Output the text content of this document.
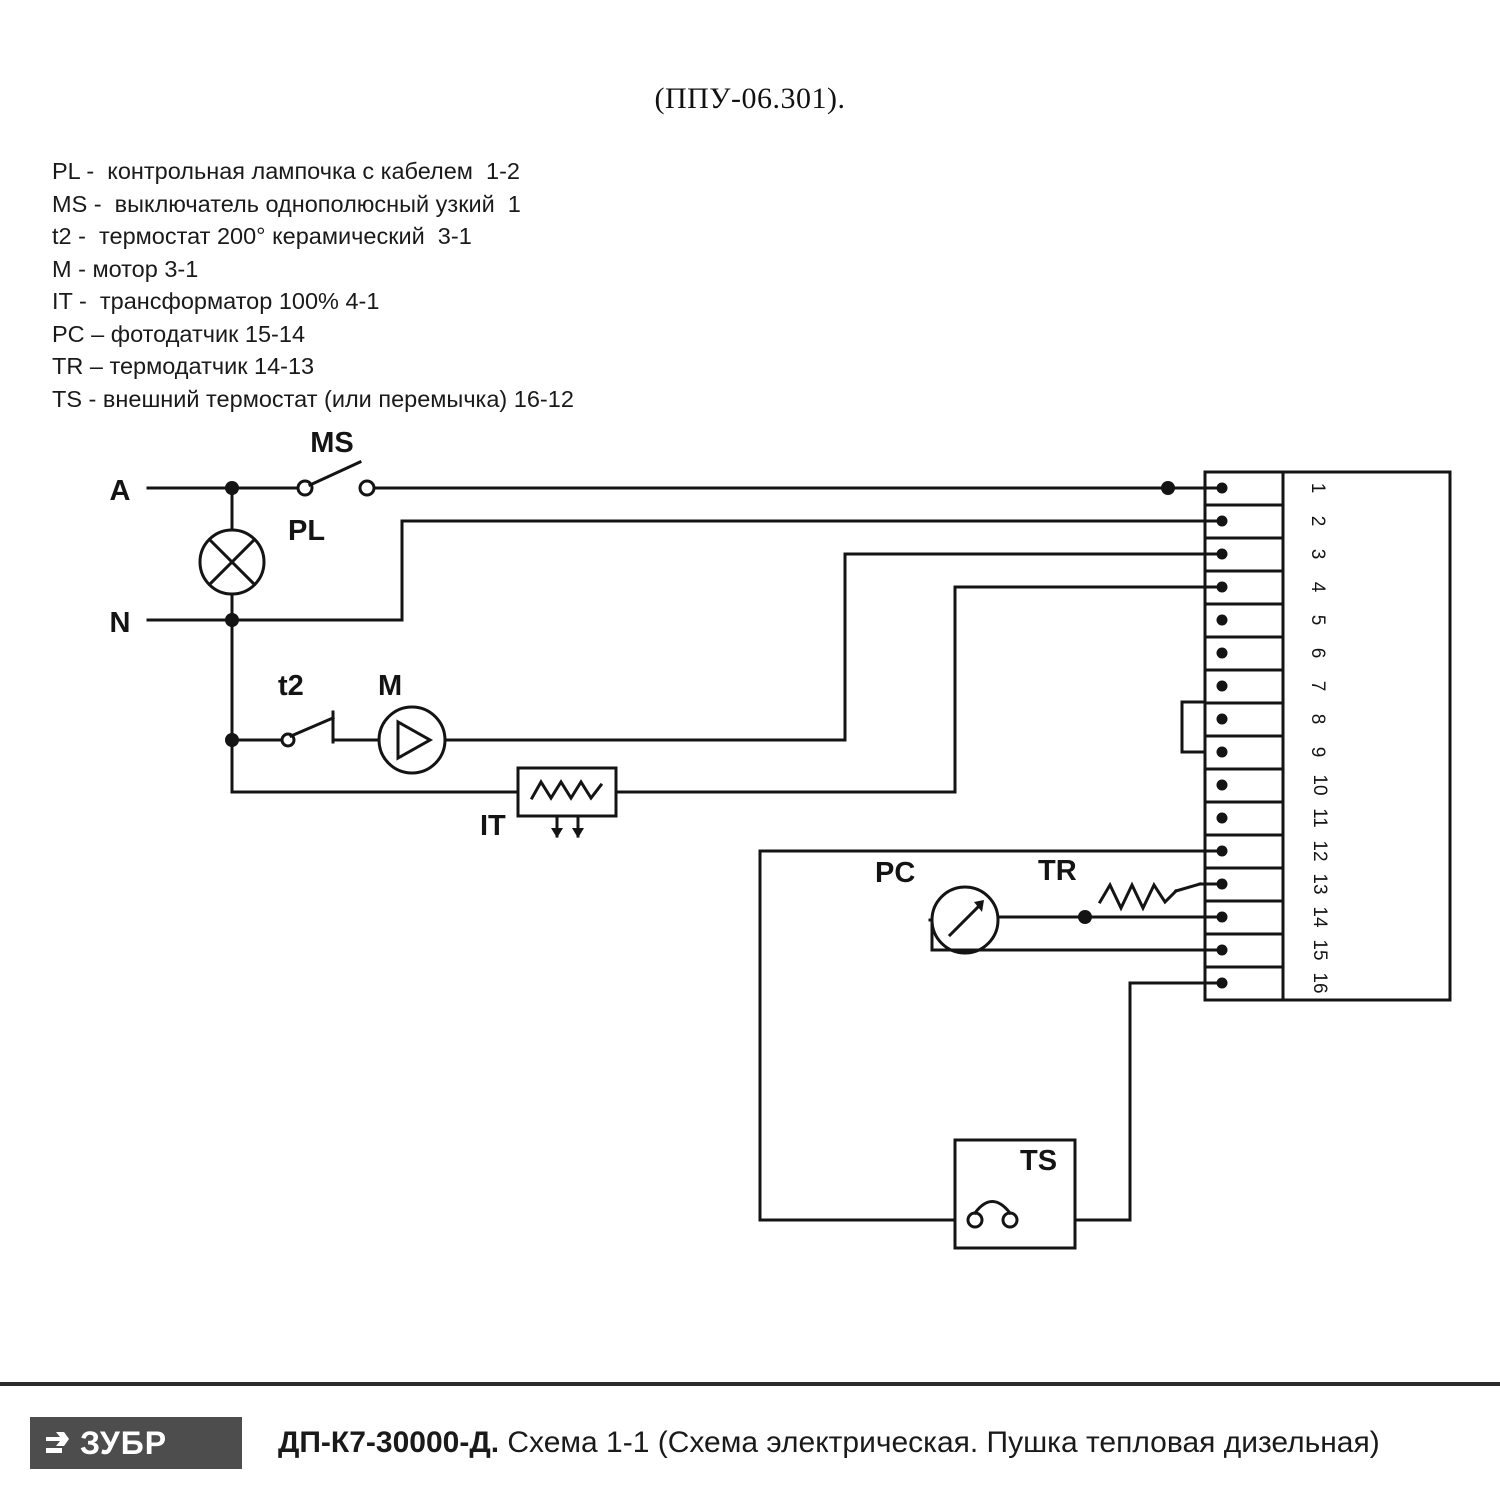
(ППУ-06.301).
PL -  контрольная лампочка с кабелем  1-2
MS -  выключатель однополюсный узкий  1
t2 -  термостат 200° керамический  3-1
M - мотор 3-1
IT -  трансформатор 100% 4-1
PC – фотодатчик 15-14
TR – термодатчик 14-13
TS - внешний термостат (или перемычка) 16-12
1
2
3
4
5
6
7
8
9
10
11
12
13
14
15
16
A
N
MS
PL
t2	M
IT
PC	TR
TS
ЗУБР	ДП-К7-30000-Д. Схема 1-1 (Схема электрическая. Пушка тепловая дизельная)
